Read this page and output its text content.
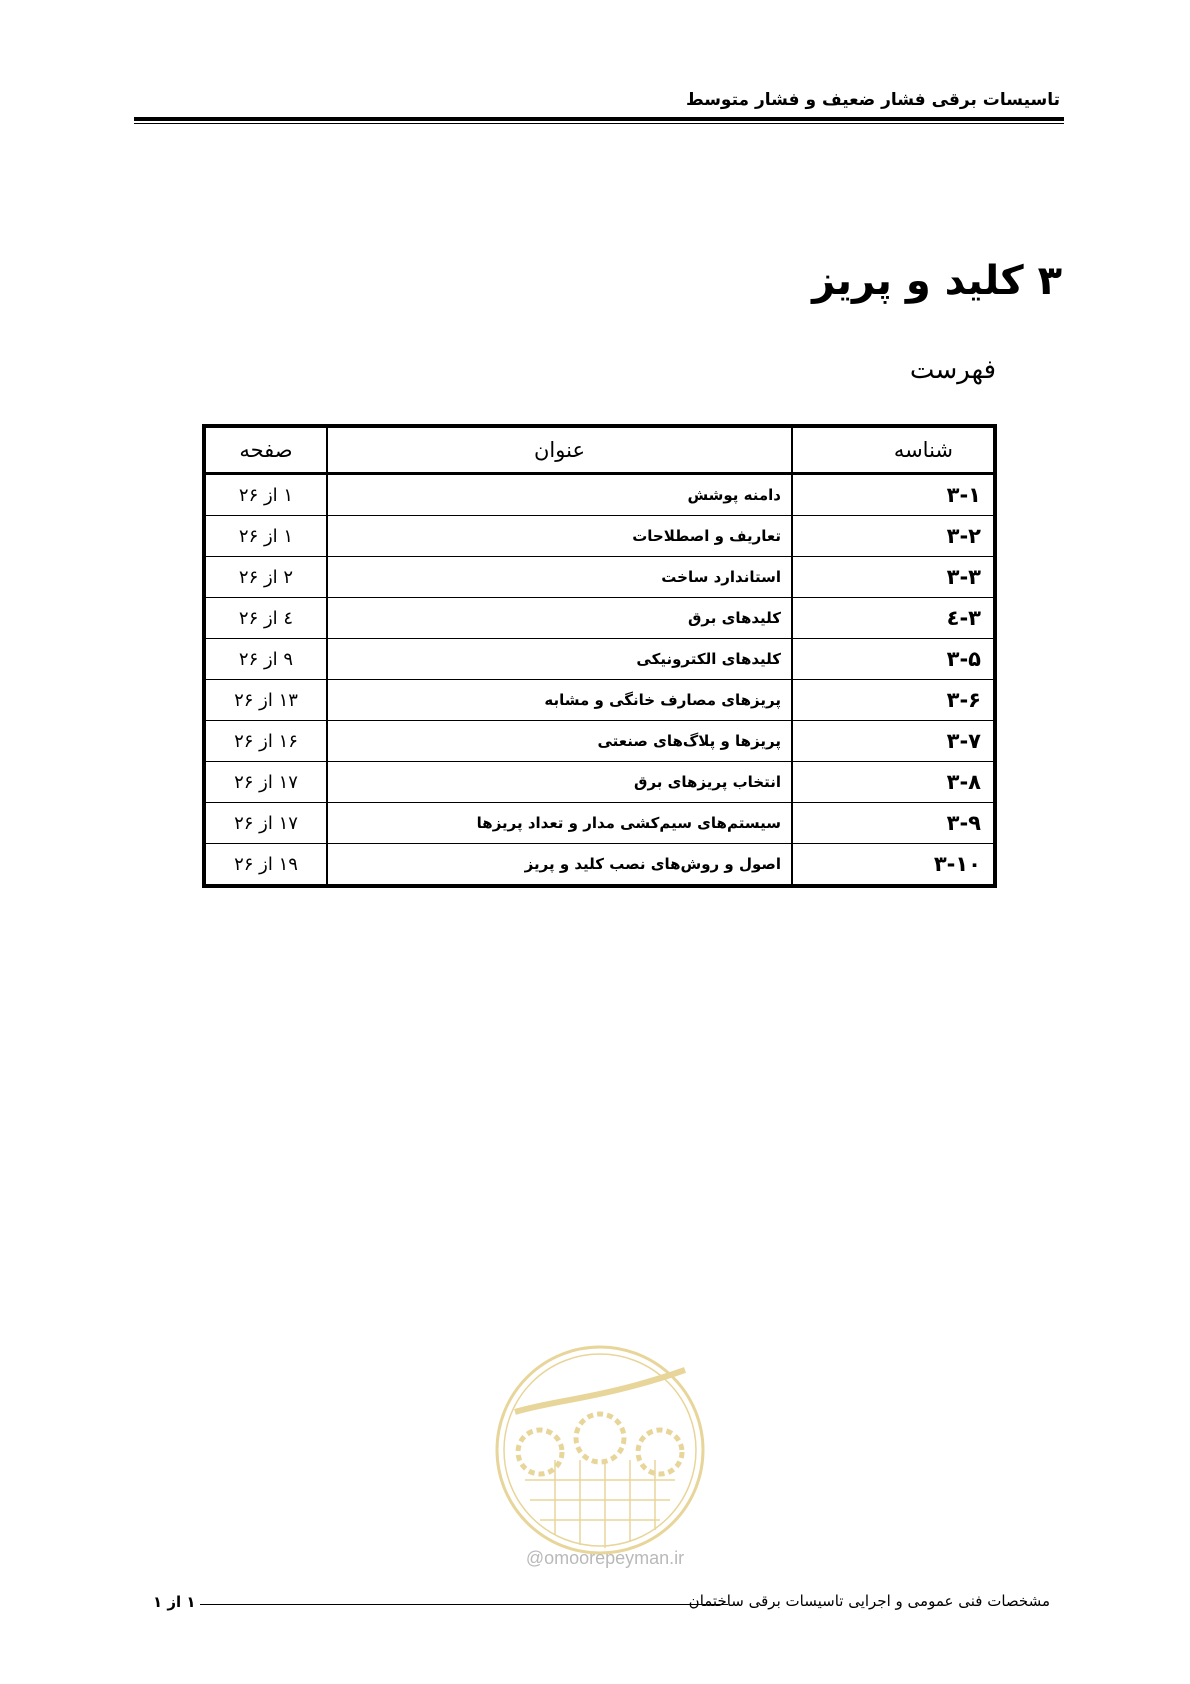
تاسیسات برقی فشار ضعیف و فشار متوسط
۳ کلید و پریز
فهرست
شناسه	عنوان	صفحه
۳-۱	دامنه پوشش	۱ از ۲۶
۳-۲	تعاریف و اصطلاحات	۱ از ۲۶
۳-۳	استاندارد ساخت	۲ از ۲۶
۳-٤	کلیدهای برق	٤ از ۲۶
۳-۵	کلیدهای الکترونیکی	۹ از ۲۶
۳-۶	پریزهای مصارف خانگی و مشابه	۱۳ از ۲۶
۳-۷	پریزها و پلاگ‌های صنعتی	۱۶ از ۲۶
۳-۸	انتخاب پریزهای برق	۱۷ از ۲۶
۳-۹	سیستم‌های سیم‌کشی مدار و تعداد پریزها	۱۷ از ۲۶
۳-۱۰	اصول و روش‌های نصب کلید و پریز	۱۹ از ۲۶
@omoorepeyman.ir
۱ از ۱	مشخصات فنی عمومی و اجرایی تاسیسات برقی ساختمان
